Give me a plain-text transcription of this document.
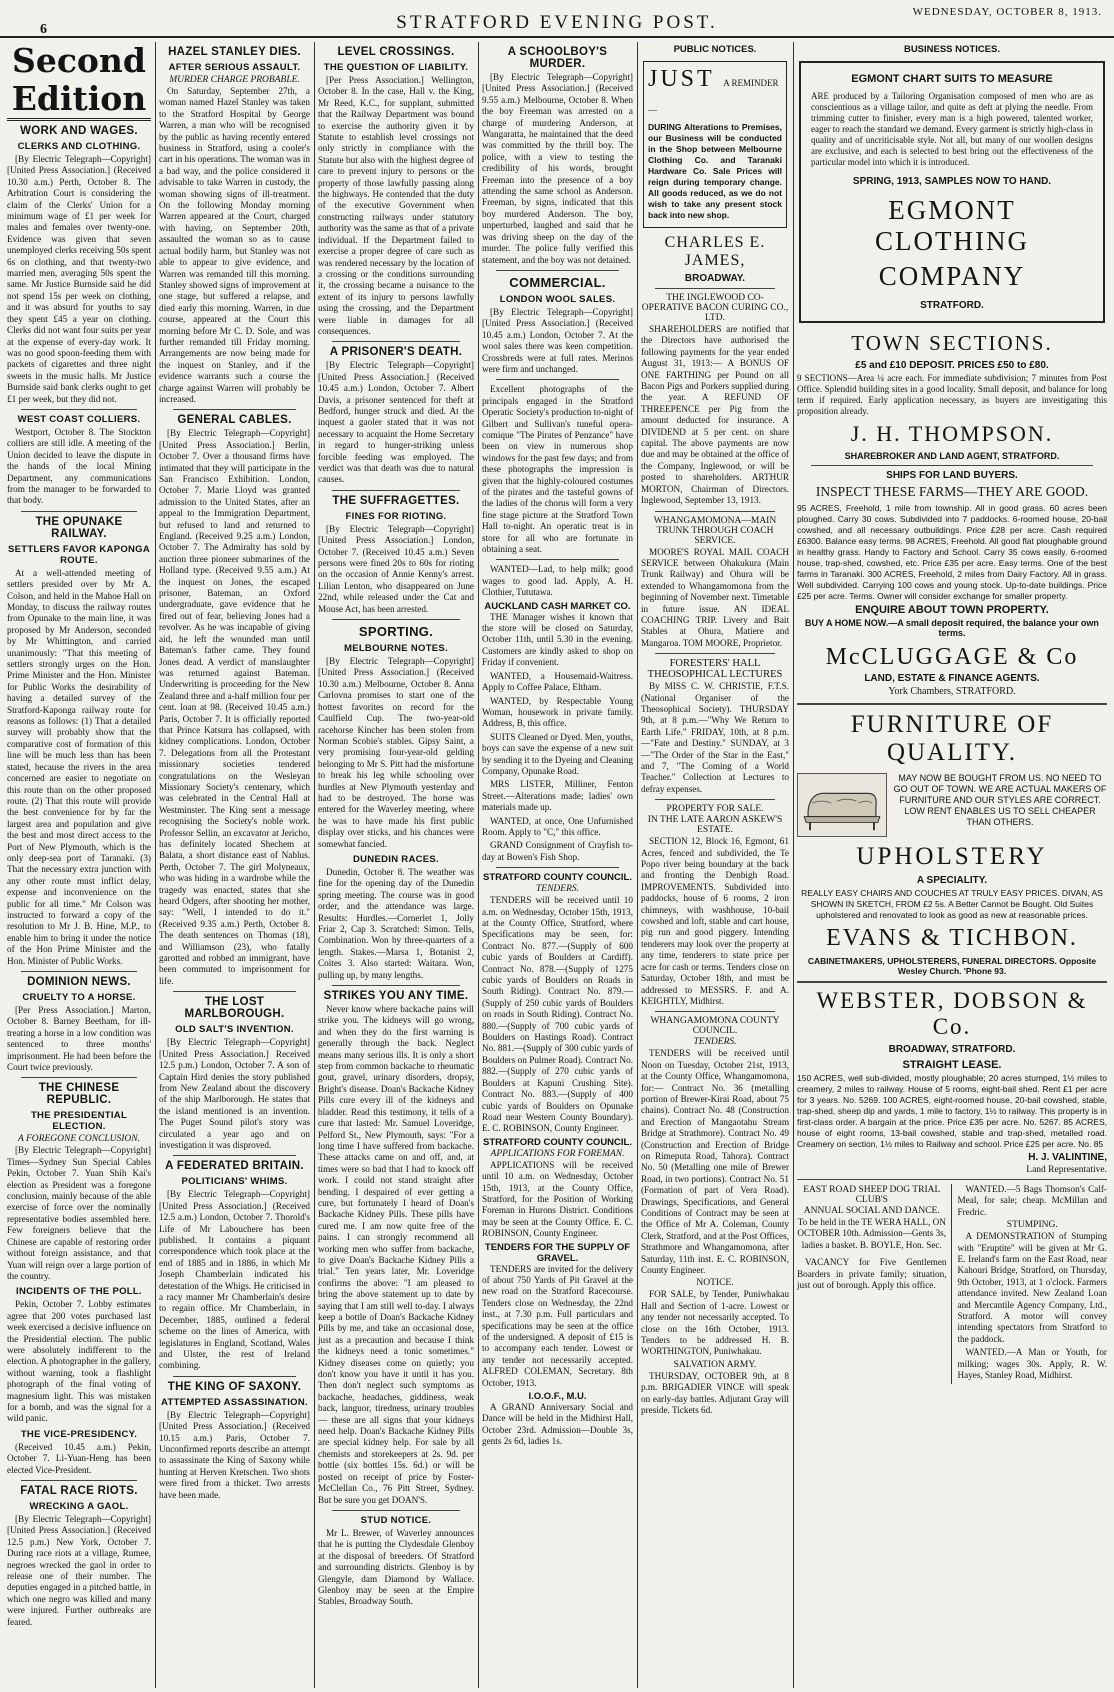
6	STRATFORD EVENING POST.	WEDNESDAY, OCTOBER 8, 1913.
Second Edition
WORK AND WAGES.
CLERKS AND CLOTHING.

[By Electric Telegraph—Copyright] [United Press Association.] (Received 10.30 a.m.) Perth, October 8. The Arbitration Court is considering the claim of the Clerks' Union for a minimum wage of £1 per week for males and females over twenty-one. Evidence was given that seven unemployed clerks receiving 50s spent 6s on clothing, and that twenty-two married men, averaging 50s spent the same. Mr Justice Burnside said he did not spend 15s per week on clothing, and it was absurd for youths to say they spent £45 a year on clothing. Clerks did not want four suits per year at the expense of every-day work. It was no good spoon-feeding them with packets of cigarettes and three night sweets in the music halls. Mr Justice Burnside said bank clerks ought to get £1 per week, but they did not.

WEST COAST COLLIERS.

Westport, October 8. The Stockton colliers are still idle. A meeting of the Union decided to leave the dispute in the hands of the local Mining Department, any communications from the manager to be forwarded to that body.

THE OPUNAKE RAILWAY.
SETTLERS FAVOR KAPONGA ROUTE.

At a well-attended meeting of settlers presided over by Mr A. Colson, and held in the Mahoe Hall on Monday, to discuss the railway routes from Opunake to the main line, it was proposed by Mr Anderson, seconded by Mr Whittington, and carried unanimously: "That this meeting of settlers strongly urges on the Hon. Prime Minister and the Hon. Minister for Public Works the desirability of having a detailed survey of the Stratford-Kaponga railway route for reasons as follows: (1) That a detailed survey will probably show that the comparative cost of formation of this line will be much less than has been stated, because the rivers in the area concerned are easier to negotiate on this route than on the other proposed route. (2) That this route will provide the best convenience for by far the largest area and population and give the best and most direct access to the Port of New Plymouth, which is the only deep-sea port of Taranaki. (3) That the necessary extra junction with any other route must inflict delay, expense and inconvenience on the public for all time." Mr Colson was instructed to forward a copy of the resolution to Mr J. B. Hine, M.P., to enable him to bring it under the notice of the Hon Prime Minister and the Hon. Minister of Public Works.

DOMINION NEWS.
CRUELTY TO A HORSE.

[Per Press Association.] Marton, October 8. Barney Beetham, for ill-treating a horse in a low condition was sentenced to three months' imprisonment. He had been before the Court twice previously.

THE CHINESE REPUBLIC.
THE PRESIDENTIAL ELECTION.
A FOREGONE CONCLUSION.

[By Electric Telegraph—Copyright] Times—Sydney Sun Special Cables Pekin, October 7. Yuan Shih Kai's election as President was a foregone conclusion, mainly because of the able exercise of force over the nominally representative bodies assembled here. Few foreigners believe that the Chinese are capable of restoring order without foreign assistance, and that Yuan will reign over a large portion of the country.

INCIDENTS OF THE POLL.

Pekin, October 7. Lobby estimates agree that 200 votes purchased last week exercised a decisive influence on the Presidential election. The public were absolutely indifferent to the election. A photographer in the gallery, without warning, took a flashlight photograph of the final voting of magnesium light. This was mistaken for a bomb, and was the signal for a wild panic.

THE VICE-PRESIDENCY.

(Received 10.45 a.m.) Pekin, October 7. Li-Yuan-Heng has been elected Vice-President.

FATAL RACE RIOTS.
WRECKING A GAOL.

[By Electric Telegraph—Copyright] [United Press Association.] (Received 12.5 p.m.) New York, October 7. During race riots at a village, Rumee, negroes wrecked the gaol in order to release one of their number. The deputies engaged in a pitched battle, in which one negro was killed and many were injured. Further outbreaks are feared.

HAZEL STANLEY DIES.
AFTER SERIOUS ASSAULT.
MURDER CHARGE PROBABLE.

On Saturday, September 27th, a woman named Hazel Stanley was taken to the Stratford Hospital by George Warren, a man who will be recognised by the public as having recently entered business in Stratford, using a cooler's cart in his operations. The woman was in a bad way, and the police considered it advisable to take Warren in custody, the woman showing signs of ill-treatment. On the following Monday morning Warren appeared at the Court, charged with having, on September 20th, assaulted the woman so as to cause actual bodily harm, but Stanley was not able to appear to give evidence, and Warren was remanded till this morning. Stanley showed signs of improvement at one stage, but suffered a relapse, and died early this morning. Warren, in due course, appeared at the Court this morning before Mr C. D. Sole, and was further remanded till Friday morning. Arrangements are now being made for the inquest on Stanley, and if the evidence warrants such a course the charge against Warren will probably be increased.

GENERAL CABLES.

[By Electric Telegraph—Copyright] [United Press Association.] Berlin, October 7. Over a thousand firms have intimated that they will participate in the San Francisco Exhibition. London, October 7. Marie Lloyd was granted admission to the United States, after an appeal to the Immigration Department, but refused to land and returned to England. (Received 9.25 a.m.) London, October 7. The Admiralty has sold by auction three pioneer submarines of the Holland type. (Received 9.55 a.m.) At the inquest on Jones, the escaped prisoner, Bateman, an Oxford undergraduate, gave evidence that he fired out of fear, believing Jones had a revolver. As he was incapable of giving aid, he left the wounded man until Bateman's father came. They found Jones dead. A verdict of manslaughter was returned against Bateman. Underwriting is proceeding for the New Zealand three and a-half million four per cent. loan at 98. (Received 10.45 a.m.) Paris, October 7. It is officially reported that Prince Katsura has collapsed, with kidney complications. London, October 7. Delegations from all the Protestant missionary societies tendered congratulations on the Wesleyan Missionary Society's centenary, which was celebrated in the Central Hall at Westminster. The King sent a message recognising the Society's noble work. Professor Sellin, an excavator at Jericho, has definitely located Shechem at Balata, a short distance east of Nablus. Perth, October 7. The girl Molyneaux, who was hiding in a wardrobe while the tragedy was enacted, states that she heard Odgers, after shooting her mother, say: "Well, I intended to do it." (Received 9.35 a.m.) Perth, October 8. The death sentences on Thomas (18), and Williamson (23), who fatally garotted and robbed an immigrant, have been commuted to imprisonment for life.

THE LOST MARLBOROUGH.
OLD SALT'S INVENTION.

[By Electric Telegraph—Copyright] [United Press Association.] Received 12.5 p.m.) London, October 7. A son of Captain Hird denies the story published from New Zealand about the discovery of the ship Marlborough. He states that the island mentioned is an invention. The Puget Sound pilot's story was circulated a year ago and on investigation it was disproved.

A FEDERATED BRITAIN.
POLITICIANS' WHIMS.

[By Electric Telegraph—Copyright] [United Press Association.] (Received 12.5 a.m.) London, October 7. Thorold's Life of Mr Labouchere has been published. It contains a piquant correspondence which took place at the end of 1885 and in 1886, in which Mr Joseph Chamberlain indicated his detestation of the Whigs. He criticised in a racy manner Mr Chamberlain's desire to regain office. Mr Chamberlain, in December, 1885, outlined a federal scheme on the lines of America, with legislatures in England, Scotland, Wales and Ulster, the rest of Ireland combining.

THE KING OF SAXONY.
ATTEMPTED ASSASSINATION.

[By Electric Telegraph—Copyright] [United Press Association.] (Received 10.15 a.m.) Paris, October 7. Unconfirmed reports describe an attempt to assassinate the King of Saxony while hunting at Herven Kretschen. Two shots were fired from a thicket. Two arrests have been made.

LEVEL CROSSINGS.
THE QUESTION OF LIABILITY.

[Per Press Association.] Wellington, October 8. In the case, Hall v. the King, Mr Reed, K.C., for supplant, submitted that the Railway Department was bound to exercise the authority given it by Statute to establish level crossings not only strictly in compliance with the Statute but also with the highest degree of care to prevent injury to persons or the property of those lawfully passing along the highways. He contended that the duty of the executive Government when constructing railways under statutory authority was the same as that of a private individual. If the Department failed to exercise a proper degree of care such as was rendered necessary by the location of a crossing or the conditions surrounding it, the crossing became a nuisance to the extent of its injury to persons lawfully using the crossing, and the Department were liable in damages for all consequences.

A PRISONER'S DEATH.

[By Electric Telegraph—Copyright] [United Press Association.] (Received 10.45 a.m.) London, October 7. Albert Davis, a prisoner sentenced for theft at Bedford, hunger struck and died. At the inquest a gaoler stated that it was not necessary to acquaint the Home Secretary in regard to hunger-striking unless forcible feeding was employed. The verdict was that death was due to natural causes.

THE SUFFRAGETTES.
FINES FOR RIOTING.

[By Electric Telegraph—Copyright] [United Press Association.] London, October 7. (Received 10.45 a.m.) Seven persons were fined 20s to 60s for rioting on the occasion of Annie Kenny's arrest. Lilian Lenton, who disappeared on June 22nd, while released under the Cat and Mouse Act, has been arrested.

SPORTING.
MELBOURNE NOTES.

[By Electric Telegraph—Copyright] [United Press Association.] (Received 10.30 a.m.) Melbourne, October 8. Anna Carlovna promises to start one of the hottest favorites on record for the Caulfield Cup. The two-year-old racehorse Kincher has been stolen from Norman Scobie's stables. Gipsy Saint, a very promising four-year-old gelding belonging to Mr S. Pitt had the misfortune to break his leg while schooling over hurdles at New Plymouth yesterday and had to be destroyed. The horse was entered for the Waverley meeting, where he was to have made his first public display over sticks, and his chances were somewhat fancied.

DUNEDIN RACES.

Dunedin, October 8. The weather was fine for the opening day of the Dunedin spring meeting. The course was in good order, and the attendance was large. Results: Hurdles.—Cornerlet 1, Jolly Friar 2, Cap 3. Scratched: Simon. Tells, Combination. Won by three-quarters of a length. Stakes.—Marsa 1, Botanist 2, Coites 3. Also started: Waitara. Won, pulling up, by many lengths.

STRIKES YOU ANY TIME.

Never know where backache pains will strike you. The kidneys will go wrong, and when they do the first warning is generally through the back. Neglect means many serious ills. It is only a short step from common backache to rheumatic gout, gravel, urinary disorders, dropsy, Bright's disease. Doan's Backache Kidney Pills cure every ill of the kidneys and bladder. Read this testimony, it tells of a cure that lasted: Mr. Samuel Loveridge, Pelford St., New Plymouth, says: "For a long time I have suffered from backache. These attacks came on and off, and, at times were so bad that I had to knock off work. I could not stand straight after bending. I despaired of ever getting a cure, but fortunately I heard of Doan's Backache Kidney Pills. These pills have cured me. I am now quite free of the pains. I can strongly recommend all working men who suffer from backache, to give Doan's Backache Kidney Pills a trial." Ten years later, Mr. Loveridge confirms the above: "I am pleased to bring the above statement up to date by saying that I am still well to-day. I always keep a bottle of Doan's Backache Kidney Pills by me, and take an occasional dose, just as a precaution and because I think the kidneys need a tonic sometimes." Kidney diseases come on quietly; you don't know you have it until it has you. Then don't neglect such symptoms as backache, headaches, giddiness, weak back, languor, tiredness, urinary troubles — these are all signs that your kidneys need help. Doan's Backache Kidney Pills are special kidney help. For sale by all chemists and storekeepers at 2s. 9d. per bottle (six bottles 15s. 6d.) or will be posted on receipt of price by Foster-McClellan Co., 76 Pitt Street, Sydney. But be sure you get DOAN'S.

STUD NOTICE.

Mr L. Brewer, of Waverley announces that he is putting the Clydesdale Glenboy at the disposal of breeders. Of Stratford and surrounding districts. Glenboy is by Glengyle, dam Diamond by Wallace. Glenboy may be seen at the Empire Stables, Broadway South.

A SCHOOLBOY'S MURDER.

[By Electric Telegraph—Copyright] [United Press Association.] (Received 9.55 a.m.) Melbourne, October 8. When the boy Freeman was arrested on a charge of murdering Anderson, at Wangaratta, he maintained that the deed was committed by the thrill boy. The police, with a view to testing the credibility of his words, brought Freeman into the presence of a boy attending the same school as Anderson. Freeman, by signs, indicated that this boy murdered Anderson. The boy, unperturbed, laughed and said that he was driving sheep on the day of the murder. The police fully verified this statement, and the boy was not detained.

COMMERCIAL.
LONDON WOOL SALES.

[By Electric Telegraph—Copyright] [United Press Association.] (Received 10.45 a.m.) London, October 7. At the wool sales there was keen competition. Crossbreds were at full rates. Merinos were firm and unchanged.

Excellent photographs of the principals engaged in the Stratford Operatic Society's production to-night of Gilbert and Sullivan's tuneful opera-comique "The Pirates of Penzance" have been on view in numerous shop windows for the past few days; and from these photographs the impression is given that the highly-coloured costumes of the pirates and the tasteful gowns of the ladies of the chorus will form a very fine stage picture at the Stratford Town Hall to-night. An operatic treat is in store for all who are fortunate in obtaining a seat.

WANTED—Lad, to help milk; good wages to good lad. Apply, A. H. Clothier, Tututawa.

AUCKLAND CASH MARKET CO.

THE Manager wishes it known that the store will be closed on Saturday, October 11th, until 5.30 in the evening. Customers are kindly asked to shop on Friday if convenient.

WANTED, a Housemaid-Waitress. Apply to Coffee Palace, Eltham.

WANTED, by Respectable Young Woman, housework in private family. Address, B, this office.

SUITS Cleaned or Dyed. Men, youths, boys can save the expense of a new suit by sending it to the Dyeing and Cleaning Company, Opunake Road.

MRS LISTER, Milliner, Fenton Street.—Alterations made; ladies' own materials made up.

WANTED, at once, One Unfurnished Room. Apply to "C," this office.

GRAND Consignment of Crayfish to-day at Bowen's Fish Shop.

STRATFORD COUNTY COUNCIL.
TENDERS.

TENDERS will be received until 10 a.m. on Wednesday, October 15th, 1913, at the County Office, Stratford, where Specifications may be seen, for: Contract No. 877.—(Supply of 600 cubic yards of Boulders at Cardiff). Contract No. 878.—(Supply of 1275 cubic yards of Boulders on Roads in South Riding). Contract No. 879.—(Supply of 250 cubic yards of Boulders on roads in South Riding). Contract No. 880.—(Supply of 700 cubic yards of Boulders on Hastings Road). Contract No. 881.—(Supply of 300 cubic yards of Boulders on Pulmer Road). Contract No. 882.—(Supply of 270 cubic yards of Boulders at Kapuni Crushing Site). Contract No. 883.—(Supply of 400 cubic yards of Boulders on Opunake Road near Western County Boundary). E. C. ROBINSON, County Engineer.

STRATFORD COUNTY COUNCIL.
APPLICATIONS FOR FOREMAN.

APPLICATIONS will be received until 10 a.m. on Wednesday, October 15th, 1913, at the County Office, Stratford, for the Position of Working Foreman in Hurons District. Conditions may be seen at the County Office. E. C. ROBINSON, County Engineer.

TENDERS FOR THE SUPPLY OF GRAVEL.

TENDERS are invited for the delivery of about 750 Yards of Pit Gravel at the new road on the Stratford Racecourse. Tenders close on Wednesday, the 22nd inst., at 7.30 p.m. Full particulars and specifications may be seen at the office of the undersigned. A deposit of £15 is to accompany each tender. Lowest or any tender not necessarily accepted. ALFRED COLEMAN, Secretary. 8th October, 1913.

I.O.O.F., M.U.

A GRAND Anniversary Social and Dance will be held in the Midhirst Hall, October 23rd. Admission—Double 3s, gents 2s 6d, ladies 1s.

PUBLIC NOTICES.
JUST A REMINDER—

DURING Alterations to Premises, our Business will be conducted in the Shop between Melbourne Clothing Co. and Taranaki Hardware Co. Sale Prices will reign during temporary change. All goods reduced, as we do not wish to take any present stock back into new shop.

CHARLES E. JAMES,
BROADWAY.
THE INGLEWOOD CO-OPERATIVE BACON CURING CO., LTD.

SHAREHOLDERS are notified that the Directors have authorised the following payments for the year ended August 31, 1913:— A BONUS OF ONE FARTHING per Pound on all Bacon Pigs and Porkers supplied during the year. A REFUND OF THREEPENCE per Pig from the amount deducted for insurance. A DIVIDEND at 5 per cent. on share capital. The above payments are now due and may be obtained at the office of the Company, Inglewood, or will be posted to shareholders. ARTHUR MORTON, Chairman of Directors. Inglewood, September 13, 1913.

WHANGAMOMONA—MAIN TRUNK THROUGH COACH SERVICE.

MOORE'S ROYAL MAIL COACH SERVICE between Ohakukura (Main Trunk Railway) and Ohura will be extended to Whangamomona from the beginning of November next. Timetable in future issue. AN IDEAL COACHING TRIP. Livery and Bait Stables at Ohura, Matiere and Mangaroa. TOM MOORE, Proprietor.

FORESTERS' HALL THEOSOPHICAL LECTURES

By MISS C. W. CHRISTIE, F.T.S. (National Organiser of the Theosophical Society). THURSDAY 9th, at 8 p.m.—"Why We Return to Earth Life." FRIDAY, 10th, at 8 p.m.—"Fate and Destiny." SUNDAY, at 3—"The Order of the Star in the East," and 7, "The Coming of a World Teacher." Collection at Lectures to defray expenses.

PROPERTY FOR SALE.
IN THE LATE AARON ASKEW'S ESTATE.

SECTION 12, Block 16, Egmont, 61 Acres, fenced and subdivided, the Te Popo river being boundary at the back and fronting the Denbigh Road. IMPROVEMENTS. Subdivided into paddocks, house of 6 rooms, 2 iron chimneys, with washhouse, 10-bail cowshed and loft, stable and cart house, pig run and good piggery. Intending tenderers may look over the property at any time, tenderers to state price per acre for cash or terms. Tenders close on Saturday, October 18th, and must be addressed to MESSRS. F. and A. KEIGHTLY, Midhirst.

WHANGAMOMONA COUNTY COUNCIL.
TENDERS.

TENDERS will be received until Noon on Tuesday, October 21st, 1913, at the County Office, Whangamomona, for:— Contract No. 36 (metalling portion of Brewer-Kirai Road, about 75 chains). Contract No. 48 (Construction and Erection of Mangaotahu Stream Bridge at Strathmore). Contract No. 49 (Construction and Erection of Bridge on Rimeputa Road, Tahora). Contract No. 50 (Metalling one mile of Brewer Road, in two portions). Contract No. 51 (Formation of part of Vera Road). Drawings, Specifications, and General Conditions of Contract may be seen at the Office of Mr A. Coleman, County Clerk, Stratford, and at the Post Offices, Strathmore and Whangamomona, after Saturday, 11th inst. E. C. ROBINSON, County Engineer.

NOTICE.

FOR SALE, by Tender, Puniwhakau Hall and Section of 1-acre. Lowest or any tender not necessarily accepted. To close on the 16th October, 1913. Tenders to be addressed H. B. WORTHINGTON, Puniwhakau.

SALVATION ARMY.

THURSDAY, OCTOBER 9th, at 8 p.m. BRIGADIER VINCE will speak on early-day battles. Adjutant Gray will preside. Tickets 6d.

BUSINESS NOTICES.
EGMONT CHART SUITS TO MEASURE

ARE produced by a Tailoring Organisation composed of men who are as conscientious as a village tailor, and quite as deft at plying the needle. From trimming cutter to finisher, every man is a high powered, talented worker, eager to reach the standard we demand. Every garment is strictly high-class in quality and of uncriticisable style. Not all, but many of our woollen designs are exclusive, and each is selected to best bring out the effectiveness of the particular model into which it is introduced.

SPRING, 1913, SAMPLES NOW TO HAND.
EGMONT CLOTHING
COMPANY
STRATFORD.
TOWN SECTIONS.
£5 and £10 DEPOSIT. PRICES £50 to £80.

9 SECTIONS—Area ¼ acre each. For immediate subdivision; 7 minutes from Post Office. Splendid building sites in a good locality. Small deposit, and balance for long term if required. Early application necessary, as buyers are investigating this proposition already.

J. H. THOMPSON.
SHAREBROKER AND LAND AGENT, STRATFORD.
SHIPS FOR LAND BUYERS.
INSPECT THESE FARMS—THEY ARE GOOD.

95 ACRES, Freehold, 1 mile from township. All in good grass. 60 acres been ploughed. Carry 30 cows. Subdivided into 7 paddocks. 6-roomed house, 20-bail cowshed, and all necessary outbuildings. Price £28 per acre. Cash required £6300. Balance easy terms. 98 ACRES, Freehold. All good flat ploughable ground in healthy grass. Handy to Factory and School. Carry 35 cows easily. 6-roomed house, trap-shed, cowshed, etc. Price £35 per acre. Easy terms. One of the best farms in Taranaki. 300 ACRES, Freehold, 2 miles from Dairy Factory. All in grass. Well subdivided. Carrying 100 cows and young stock. Up-to-date buildings. Price £25 per acre. Terms. Owner will consider exchange for smaller property.

ENQUIRE ABOUT TOWN PROPERTY.
BUY A HOME NOW.—A small deposit required, the balance your own terms.
McCLUGGAGE & Co
LAND, ESTATE & FINANCE AGENTS.
York Chambers, STRATFORD.
FURNITURE OF QUALITY.

MAY NOW BE BOUGHT FROM US. NO NEED TO GO OUT OF TOWN. WE ARE ACTUAL MAKERS OF FURNITURE AND OUR STYLES ARE CORRECT. LOW RENT ENABLES US TO SELL CHEAPER THAN OTHERS.

UPHOLSTERY
A SPECIALITY.

REALLY EASY CHAIRS AND COUCHES AT TRULY EASY PRICES. DIVAN, AS SHOWN IN SKETCH, FROM £2 5s. A Better Cannot be Bought. Old Suites upholstered and renovated to look as good as new at reasonable prices.

EVANS & TICHBON.
CABINETMAKERS, UPHOLSTERERS, FUNERAL DIRECTORS. Opposite Wesley Church. 'Phone 93.
WEBSTER, DOBSON & Co.
BROADWAY, STRATFORD.
STRAIGHT LEASE.

150 ACRES, well sub-divided, mostly ploughable; 20 acres stumped, 1½ miles to creamery, 2 miles to railway. House of 5 rooms, eight-bail shed. Rent £1 per acre for 3 years. No. 5269. 100 ACRES, eight-roomed house, 20-bail cowshed, stable, trap-shed, sheep dip and yards, 1 mile to factory, 1½ to railway. This property is in first-class order. A bargain at the price. Price £35 per acre. No. 5267. 85 ACRES, house of eight rooms, 13-bail cowshed, stable and trap-shed, metalled road. Creamery on section, 1½ miles to Railway and school. Price £25 per acre. No. 85

H. J. VALINTINE,
Land Representative.
EAST ROAD SHEEP DOG TRIAL CLUB'S
ANNUAL SOCIAL AND DANCE.

To be held in the TE WERA HALL, ON OCTOBER 10th. Admission—Gents 3s, ladies a basket. B. BOYLE, Hon. Sec.

VACANCY for Five Gentlemen Boarders in private family; situation, just out of borough. Apply this office.

WANTED.—5 Bags Thomson's Calf-Meal, for sale; cheap. McMillan and Fredric.

STUMPING.

A DEMONSTRATION of Stumping with "Eruptite" will be given at Mr G. E. Ireland's farm on the East Road, near Kahouri Bridge, Stratford, on Thursday, 9th October, 1913, at 1 o'clock. Farmers attendance invited. New Zealand Loan and Mercantile Agency Company, Ltd., Stratford. A motor will convey intending spectators from Stratford to the paddock.

WANTED.—A Man or Youth, for milking; wages 30s. Apply, R. W. Hayes, Stanley Road, Midhirst.
